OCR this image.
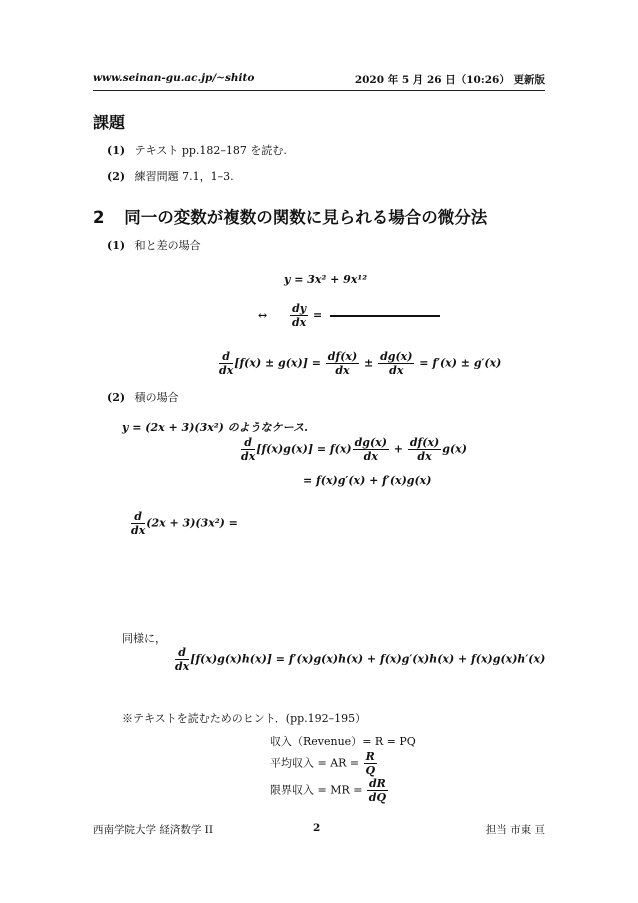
www.seinan-gu.ac.jp/~shito	2020 年 5 月 26 日（10:26） 更新版
課題
(1) テキスト pp.182–187 を読む.
(2) 練習問題 7.1，1–3.
2 同一の変数が複数の関数に見られる場合の微分法
(1) 和と差の場合
y = 3x² + 9x¹²
↔ $\frac{dy}{dx}$ =
$\frac{d}{dx} [f(x) \pm g(x)] = \frac{df(x)}{dx} \pm \frac{dg(x)}{dx} = f'(x) \pm g'(x)$
(2) 積の場合
y = (2x + 3)(3x²) のようなケース.
$\frac{d}{dx} [f(x)g(x)] = f(x) \frac{dg(x)}{dx} + \frac{df(x)}{dx} g(x)$
= f(x)g′(x) + f′(x)g(x)
$\frac{d}{dx} (2x + 3)(3x^2)$ =
同様に，
$\frac{d}{dx} [f(x)g(x)h(x)] = f'(x)g(x)h(x) + f(x)g'(x)h(x) + f(x)g(x)h'(x)$
※テキストを読むためのヒント．(pp.192–195）
収入（Revenue）= R = PQ
平均収入 = AR = $\frac{R}{Q}$
限界収入 = MR = $\frac{dR}{dQ}$
西南学院大学 経済数学 II	2	担当 市東 亘
